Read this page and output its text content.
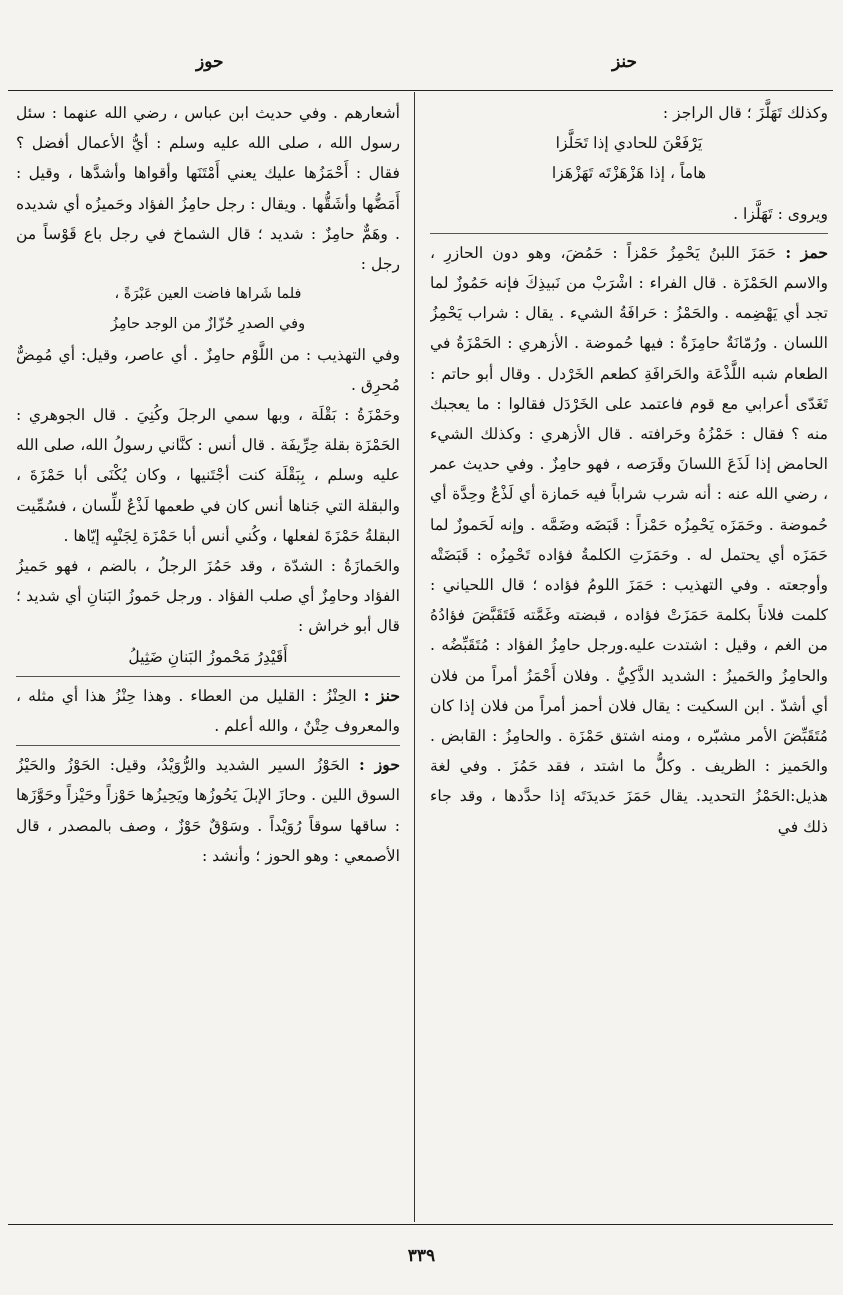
حنز
حوز

وكذلك تَهَلَّزَ ؛ قال الراجز :

يَرْفَعْنَ للحادي إذا تَحَلَّزا

هاماً ، إذا هَزْهَزْتَه تَهَزْهَزا

ويروى : تَهَلَّزا .

حمز : حَمَزَ اللبنُ يَحْمِزُ حَمْزاً : حَمُضَ، وهو دون الحازرِ ، والاسم الحَمْزَة . قال الفراء : اشْرَبْ من نَبيذِكَ فإنه حَمُوزٌ لما تجد أي يَهْضِمه . والحَمْزُ : حَرافَةُ الشيء . يقال : شراب يَحْمِزُ اللسان . ورُمّانَةٌ حامِزَةٌ : فيها حُموضة . الأزهري : الحَمْزَةُ في الطعام شبه اللَّذْعَة والحَرافَةِ كطعم الخَرْدل . وقال أبو حاتم : تَغَدّى أعرابي مع قوم فاعتمد على الخَرْدَل فقالوا : ما يعجبك منه ؟ فقال : حَمْزُهُ وحَرافته . قال الأزهري : وكذلك الشيء الحامض إذا لَذَعَ اللسانَ وقَرَصه ، فهو حامِزٌ . وفي حديث عمر ، رضي الله عنه : أنه شرب شراباً فيه حَمازة أي لَذْعٌ وحِدَّة أي حُموضة . وحَمَزَه يَحْمِزُه حَمْزاً : قَبَضَه وضَمَّه . وإنه لَحَموزٌ لما حَمَزَه أي يحتمل له . وحَمَزَتِ الكلمةُ فؤاده تَحْمِزُه : قَبَضَتْه وأوجعته . وفي التهذيب : حَمَزَ اللومُ فؤاده ؛ قال اللحياني : كلمت فلاناً بكلمة حَمَزَتْ فؤاده ، قبضته وغَمَّته فَتَقَبَّضَ فؤادُهُ من الغم ، وقيل : اشتدت عليه.ورجل حامِزُ الفؤاد : مُتَقَبِّضُه . والحامِزُ والحَميزُ : الشديد الذَّكِيُّ . وفلان أَحْمَزُ أمراً من فلان أي أشدّ . ابن السكيت : يقال فلان أحمز أمراً من فلان إذا كان مُتَقَبِّضَ الأمر مشبّره ، ومنه اشتق حَمْزَة . والحامِزُ : القابض . والحَميز : الظريف . وكلُّ ما اشتد ، فقد حَمُزَ . وفي لغة هذيل:الحَمْزُ التحديد. يقال حَمَزَ حَديدَتَه إذا حدَّدها ، وقد جاء ذلك في

أشعارهم . وفي حديث ابن عباس ، رضي الله عنهما : سئل رسول الله ، صلى الله عليه وسلم : أيُّ الأعمال أفضل ؟ فقال : أَحْمَزُها عليك يعني أَمْتَنَها وأقواها وأشدَّها ، وقيل : أَمَضُّها وأشَقُّها . ويقال : رجل حامِزُ الفؤاد وحَميزُه أي شديده . وهَمٌّ حامِزٌ : شديد ؛ قال الشماخ في رجل باع قَوْساً من رجل :

فلما شَراها فاضت العين عَبْرَةً ،

وفي الصدرِ حُزّازٌ من الوجد حامِزُ

وفي التهذيب : من اللَّوْم حامِزٌ . أي عاصر، وقيل: أي مُمِضٌّ مُحرِق .

وحَمْزَةُ : بَقْلَة ، وبها سمي الرجلَ وكُنِيَ . قال الجوهري : الحَمْزَة بقلة حِرِّيفَة . قال أنس : كنَّاني رسولُ الله، صلى الله عليه وسلم ، بِبَقْلَة كنت أجْتَنيها ، وكان يُكْنَى أبا حَمْزَةَ ، والبقلة التي جَناها أنس كان في طعمها لَذْعٌ للِّسان ، فسُمِّيت البقلةُ حَمْزَةَ لفعلها ، وكُني أنس أبا حَمْزَة لِجَنْيِه إيّاها .

والحَمازَةُ : الشدّة ، وقد حَمُزَ الرجلُ ، بالضم ، فهو حَميزُ الفؤاد وحامِزٌ أي صلب الفؤاد . ورجل حَموزُ البَنانِ أي شديد ؛ قال أبو خراش :

أَقَيْدِرُ مَحْموزُ البَنانِ ضَثِيلُ

حنز : الحِنْزُ : القليل من العطاء . وهذا حِنْزُ هذا أي مثله ، والمعروف حِتْنٌ ، والله أعلم .

حوز : الحَوْزُ السير الشديد والرُّوَيْدُ، وقيل: الحَوْزُ والحَيْزُ السوق اللين . وحازَ الإبلَ يَحُوزُها ويَحِيزُها حَوْزاً وحَيْزاً وحَوَّزَها : ساقها سوقاً رُوَيْداً . وسَوْقٌ حَوْزٌ ، وصف بالمصدر ، قال الأصمعي : وهو الحوز ؛ وأنشد :

٣٣٩
